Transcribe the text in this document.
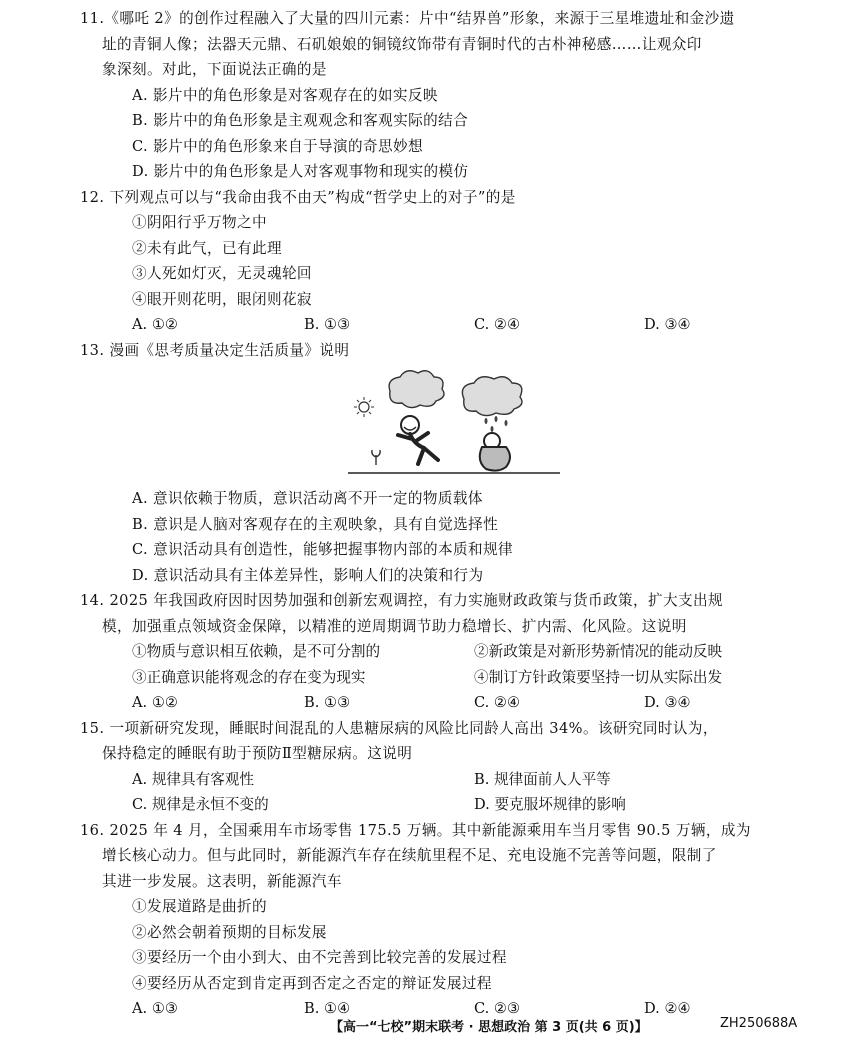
11.《哪吒 2》的创作过程融入了大量的四川元素：片中“结界兽”形象，来源于三星堆遗址和金沙遗
址的青铜人像；法器天元鼎、石矶娘娘的铜镜纹饰带有青铜时代的古朴神秘感……让观众印
象深刻。对此，下面说法正确的是
A. 影片中的角色形象是对客观存在的如实反映
B. 影片中的角色形象是主观观念和客观实际的结合
C. 影片中的角色形象来自于导演的奇思妙想
D. 影片中的角色形象是人对客观事物和现实的模仿
12. 下列观点可以与“我命由我不由天”构成“哲学史上的对子”的是
①阴阳行乎万物之中
②未有此气，已有此理
③人死如灯灭，无灵魂轮回
④眼开则花明，眼闭则花寂
A. ①②	B. ①③	C. ②④	D. ③④
13. 漫画《思考质量决定生活质量》说明
A. 意识依赖于物质，意识活动离不开一定的物质载体
B. 意识是人脑对客观存在的主观映象，具有自觉选择性
C. 意识活动具有创造性，能够把握事物内部的本质和规律
D. 意识活动具有主体差异性，影响人们的决策和行为
14. 2025 年我国政府因时因势加强和创新宏观调控，有力实施财政政策与货币政策，扩大支出规
模，加强重点领域资金保障，以精准的逆周期调节助力稳增长、扩内需、化风险。这说明
①物质与意识相互依赖，是不可分割的	②新政策是对新形势新情况的能动反映
③正确意识能将观念的存在变为现实	④制订方针政策要坚持一切从实际出发
A. ①②	B. ①③	C. ②④	D. ③④
15. 一项新研究发现，睡眠时间混乱的人患糖尿病的风险比同龄人高出 34%。该研究同时认为，
保持稳定的睡眠有助于预防Ⅱ型糖尿病。这说明
A. 规律具有客观性	B. 规律面前人人平等
C. 规律是永恒不变的	D. 要克服坏规律的影响
16. 2025 年 4 月，全国乘用车市场零售 175.5 万辆。其中新能源乘用车当月零售 90.5 万辆，成为
增长核心动力。但与此同时，新能源汽车存在续航里程不足、充电设施不完善等问题，限制了
其进一步发展。这表明，新能源汽车
①发展道路是曲折的
②必然会朝着预期的目标发展
③要经历一个由小到大、由不完善到比较完善的发展过程
④要经历从否定到肯定再到否定之否定的辩证发展过程
A. ①③	B. ①④	C. ②③	D. ②④
【高一“七校”期末联考 · 思想政治 第 3 页(共 6 页)】	ZH250688A
